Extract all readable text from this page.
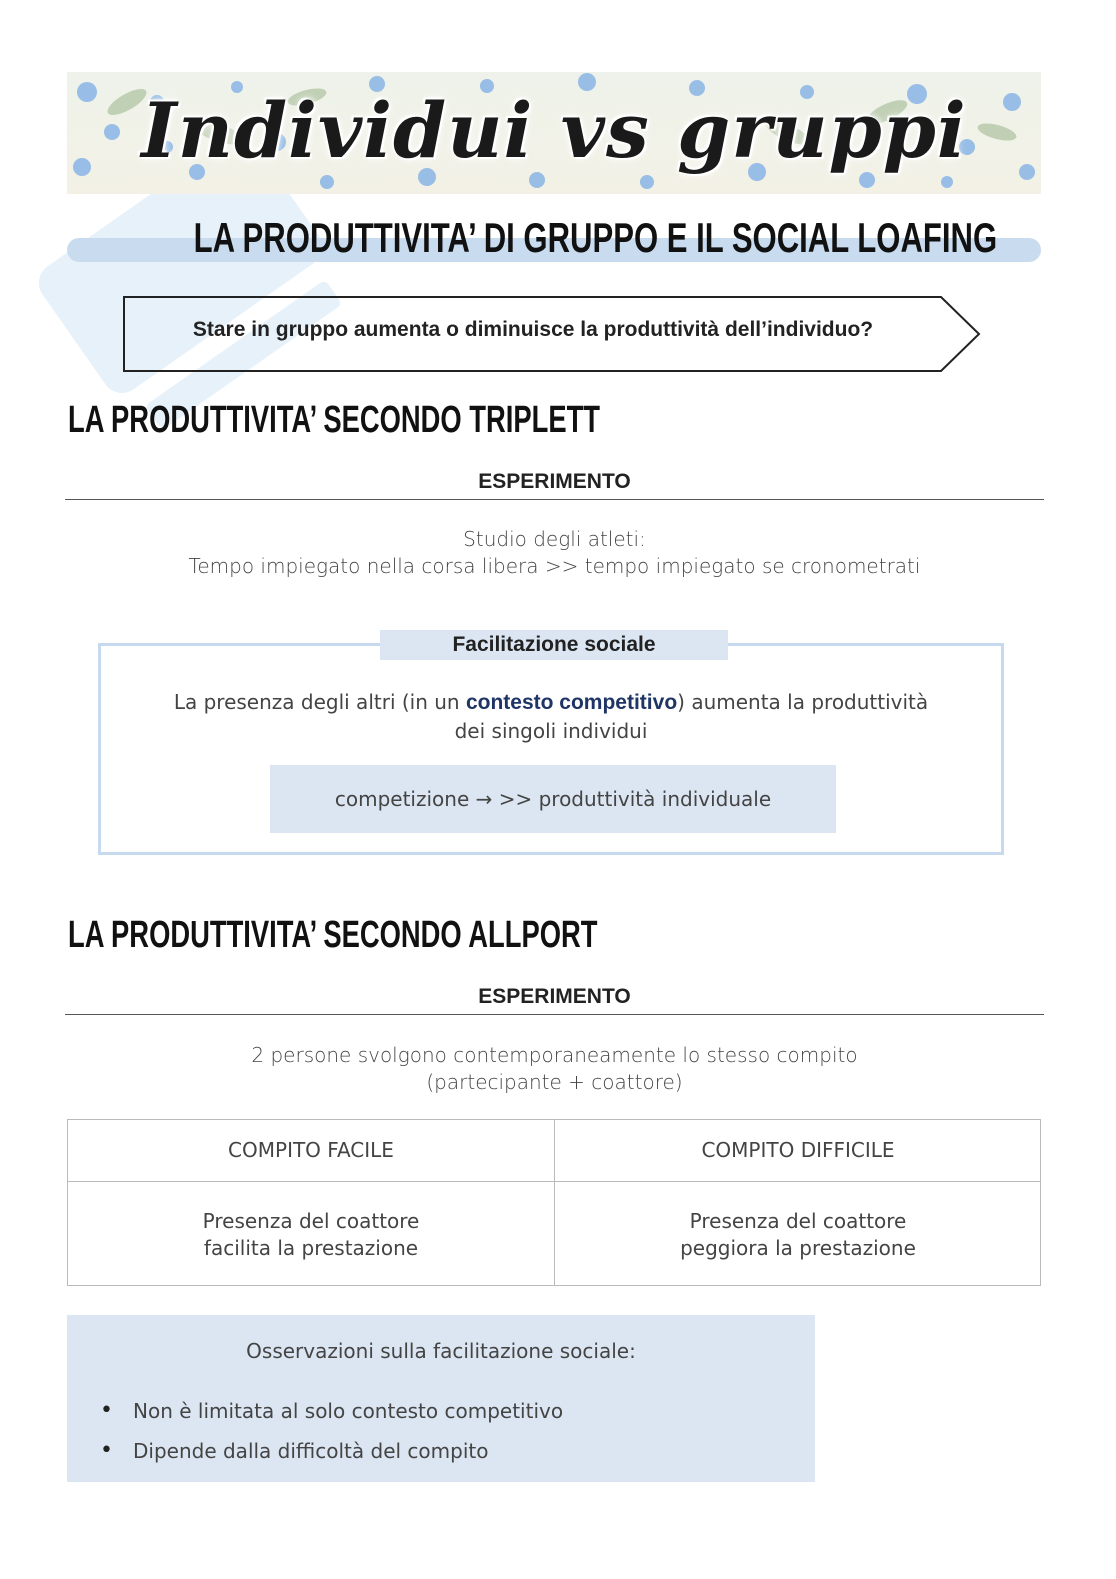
Individui vs gruppi
LA PRODUTTIVITA’ DI GRUPPO E IL SOCIAL LOAFING
Stare in gruppo aumenta o diminuisce la produttività dell’individuo?
LA PRODUTTIVITA’ SECONDO TRIPLETT
ESPERIMENTO
Studio degli atleti:
Tempo impiegato nella corsa libera >> tempo impiegato se cronometrati
Facilitazione sociale
La presenza degli altri (in un contesto competitivo) aumenta la produttività
dei singoli individui
competizione → >> produttività individuale
LA PRODUTTIVITA’ SECONDO ALLPORT
ESPERIMENTO
2 persone svolgono contemporaneamente lo stesso compito
(partecipante + coattore)
COMPITO FACILE	COMPITO DIFFICILE
Presenza del coattore
facilita la prestazione
Presenza del coattore
peggiora la prestazione
Osservazioni sulla facilitazione sociale:
• Non è limitata al solo contesto competitivo
• Dipende dalla difficoltà del compito
